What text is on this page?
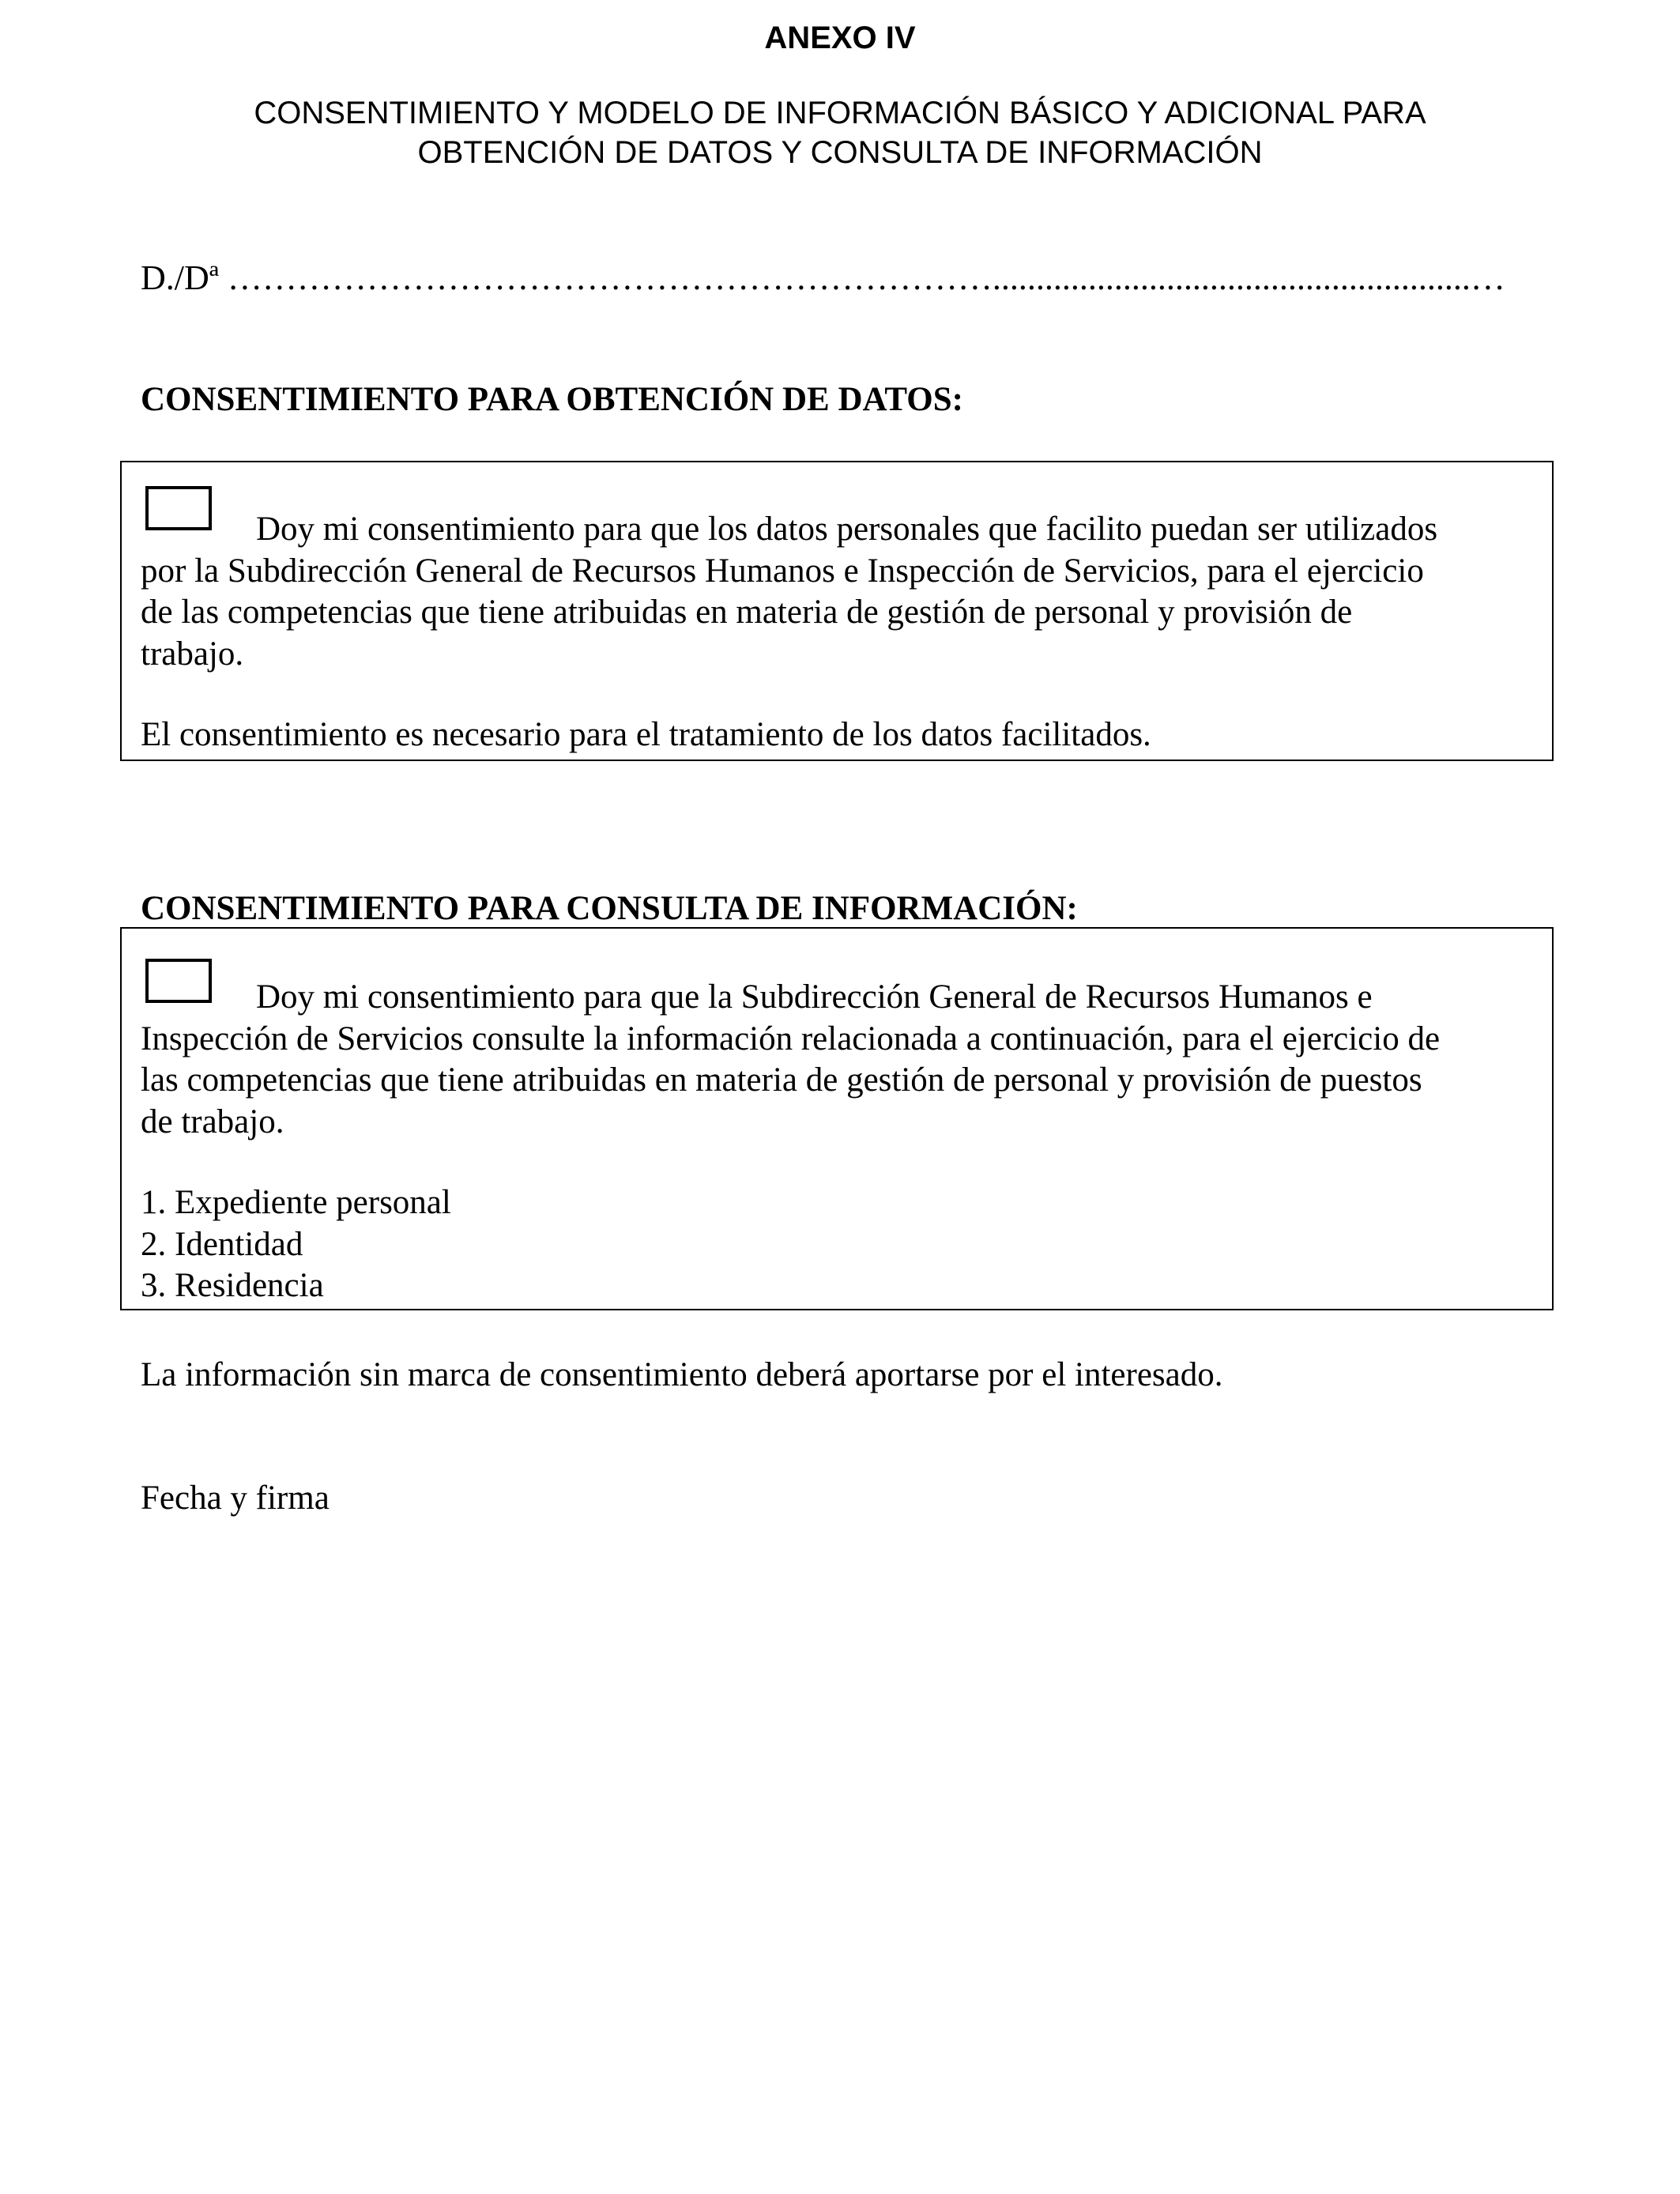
ANEXO IV
CONSENTIMIENTO Y MODELO DE INFORMACIÓN BÁSICO Y ADICIONAL PARA
OBTENCIÓN DE DATOS Y CONSULTA DE INFORMACIÓN
D./Dª ………………………………………………………….......................................................…
CONSENTIMIENTO PARA OBTENCIÓN DE DATOS:
Doy mi consentimiento para que los datos personales que facilito puedan ser utilizados
por la Subdirección General de Recursos Humanos e Inspección de Servicios, para el ejercicio
de las competencias que tiene atribuidas en materia de gestión de personal y provisión de
trabajo.
El consentimiento es necesario para el tratamiento de los datos facilitados.
CONSENTIMIENTO PARA CONSULTA DE INFORMACIÓN:
Doy mi consentimiento para que la Subdirección General de Recursos Humanos e
Inspección de Servicios consulte la información relacionada a continuación, para el ejercicio de
las competencias que tiene atribuidas en materia de gestión de personal y provisión de puestos
de trabajo.
1. Expediente personal
2. Identidad
3. Residencia
La información sin marca de consentimiento deberá aportarse por el interesado.
Fecha y firma
